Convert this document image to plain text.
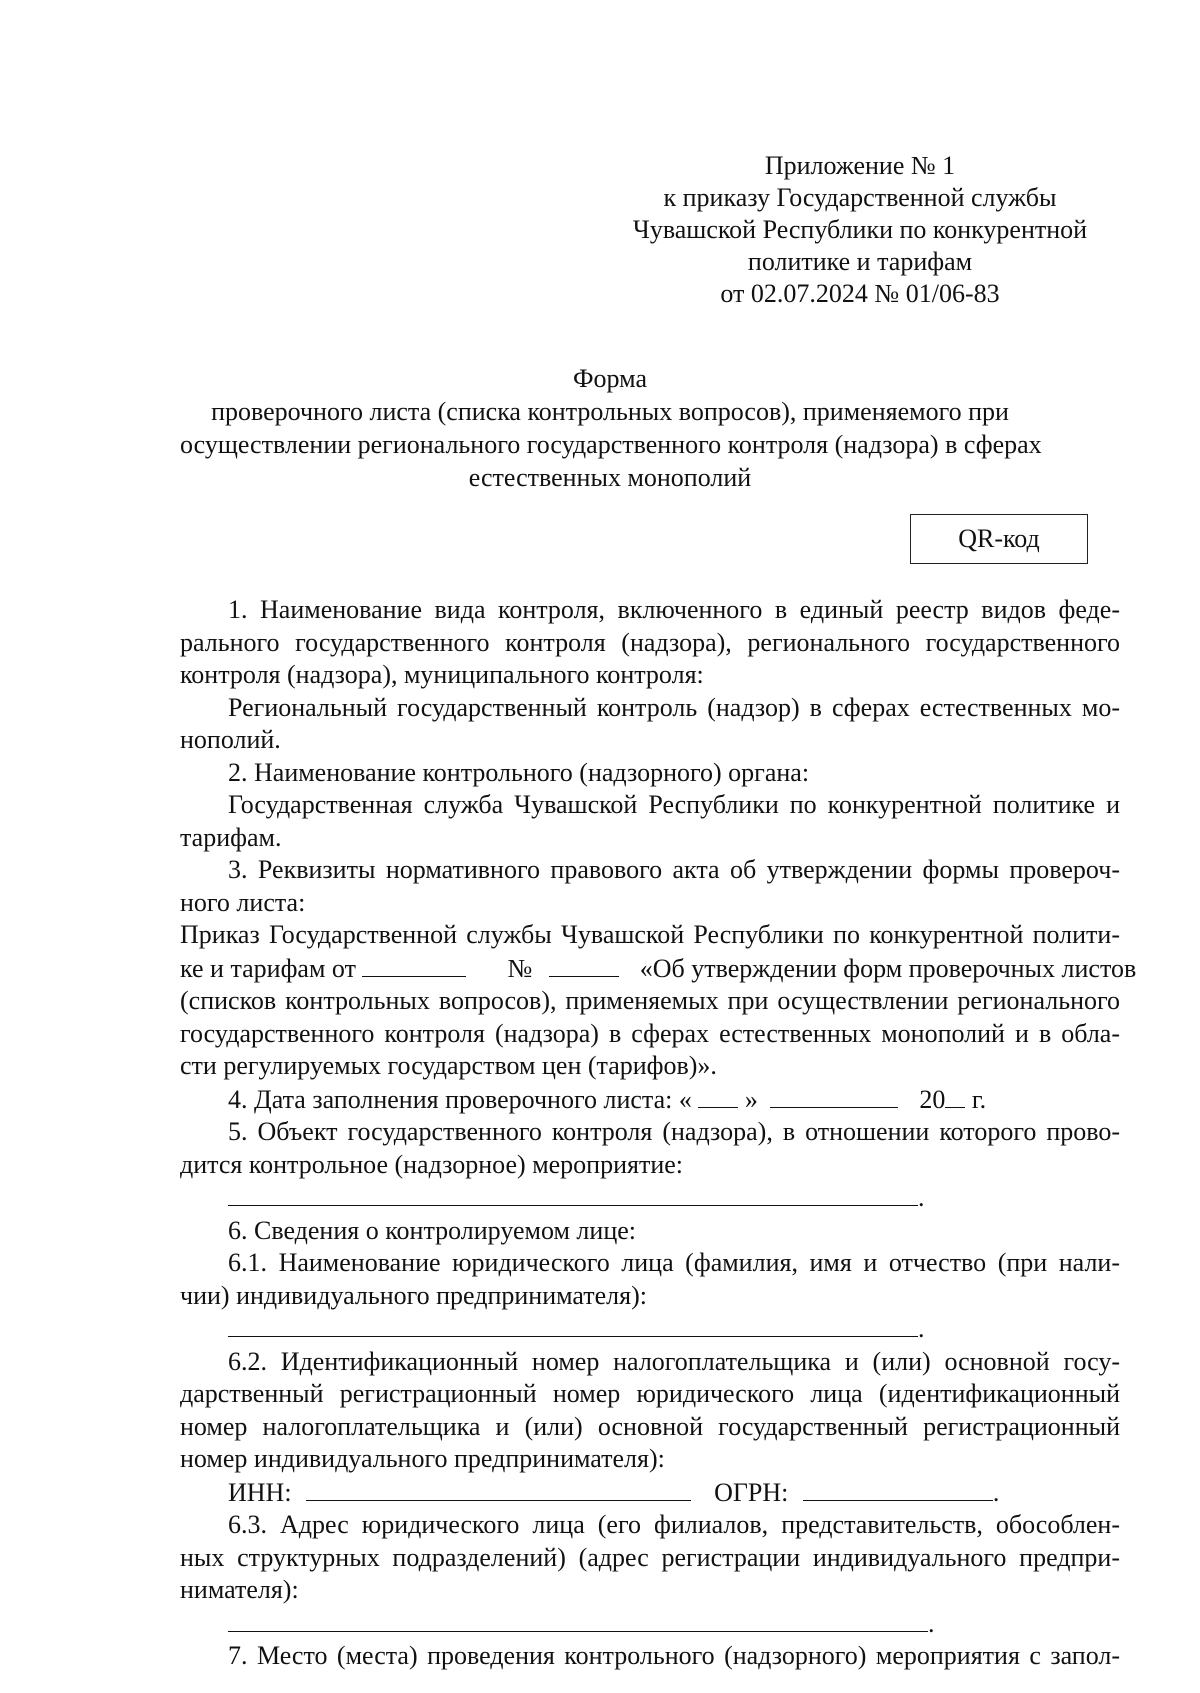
Приложение № 1
к приказу Государственной службы
Чувашской Республики по конкурентной
политике и тарифам
от 02.07.2024 № 01/06-83
Форма
проверочного листа (списка контрольных вопросов), применяемого при
осуществлении регионального государственного контроля (надзора) в сферах
естественных монополий
QR-код
1. Наименование вида контроля, включенного в единый реестр видов феде-
рального государственного контроля (надзора), регионального государственного
контроля (надзора), муниципального контроля:
Региональный государственный контроль (надзор) в сферах естественных мо-
нополий.
2. Наименование контрольного (надзорного) органа:
Государственная служба Чувашской Республики по конкурентной политике и
тарифам.
3. Реквизиты нормативного правового акта об утверждении формы провероч-
ного листа:
Приказ Государственной службы Чувашской Республики по конкурентной полити-
ке и тарифам от	№	«Об утверждении форм проверочных листов
(списков контрольных вопросов), применяемых при осуществлении регионального
государственного контроля (надзора) в сферах естественных монополий и в обла-
сти регулируемых государством цен (тарифов)».
4. Дата заполнения проверочного листа: « »	20 г.
5. Объект государственного контроля (надзора), в отношении которого прово-
дится контрольное (надзорное) мероприятие:
.
6. Сведения о контролируемом лице:
6.1. Наименование юридического лица (фамилия, имя и отчество (при нали-
чии) индивидуального предпринимателя):
.
6.2. Идентификационный номер налогоплательщика и (или) основной госу-
дарственный регистрационный номер юридического лица (идентификационный
номер налогоплательщика и (или) основной государственный регистрационный
номер индивидуального предпринимателя):
ИНН:	ОГРН:	.
6.3. Адрес юридического лица (его филиалов, представительств, обособлен-
ных структурных подразделений) (адрес регистрации индивидуального предпри-
нимателя):
.
7. Место (места) проведения контрольного (надзорного) мероприятия с запол-
